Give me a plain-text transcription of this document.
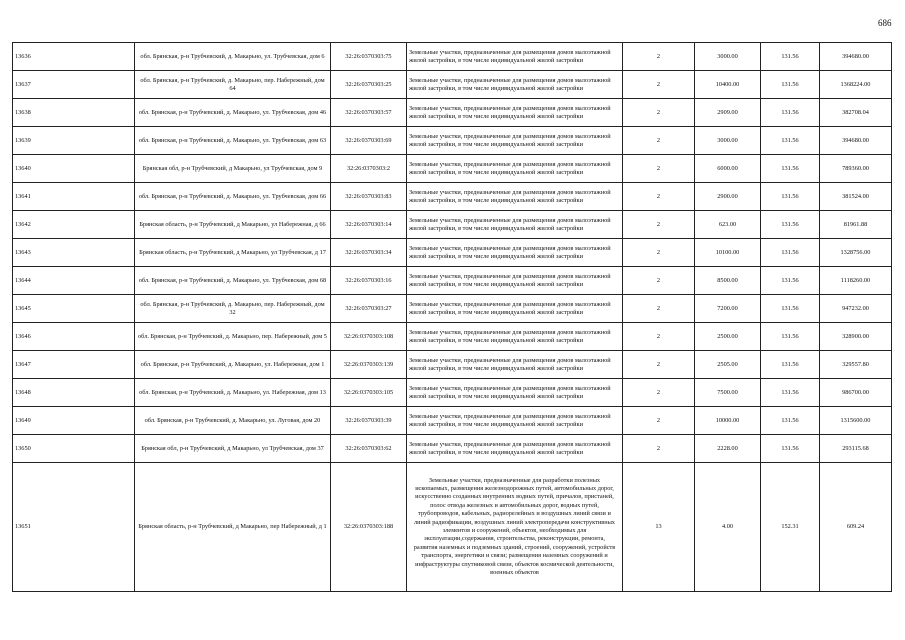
686
13636	обл. Брянская, р-н Трубчевский, д. Макарьно, ул. Трубчевская, дом 6	32:26:0370303:75	Земельные участки, предназначенные для размещения домов малоэтажной жилой застройки, в том числе индивидуальной жилой застройки	2	3000.00	131.56	394680.00
13637	обл. Брянская, р-н Трубчевский, д. Макарьно, пер. Набережный, дом 64	32:26:0370303:25	Земельные участки, предназначенные для размещения домов малоэтажной жилой застройки, в том числе индивидуальной жилой застройки	2	10400.00	131.56	1368224.00
13638	обл. Брянская, р-н Трубчевский, д. Макарьно, ул. Трубчевская, дом 46	32:26:0370303:57	Земельные участки, предназначенные для размещения домов малоэтажной жилой застройки, в том числе индивидуальной жилой застройки	2	2909.00	131.56	382708.04
13639	обл. Брянская, р-н Трубчевский, д. Макарьно, ул. Трубчевская, дом 63	32:26:0370303:69	Земельные участки, предназначенные для размещения домов малоэтажной жилой застройки, в том числе индивидуальной жилой застройки	2	3000.00	131.56	394680.00
13640	Брянская обл, р-н Трубчевский, д Макарьно, ул Трубчевская, дом 9	32:26:0370303:2	Земельные участки, предназначенные для размещения домов малоэтажной жилой застройки, в том числе индивидуальной жилой застройки	2	6000.00	131.56	789360.00
13641	обл. Брянская, р-н Трубчевский, д. Макарьно, ул. Трубчевская, дом 66	32:26:0370303:83	Земельные участки, предназначенные для размещения домов малоэтажной жилой застройки, в том числе индивидуальной жилой застройки	2	2900.00	131.56	381524.00
13642	Брянская область, р-н Трубчевский, д Макарьно, ул Набережная, д 66	32:26:0370303:14	Земельные участки, предназначенные для размещения домов малоэтажной жилой застройки, в том числе индивидуальной жилой застройки	2	623.00	131.56	81961.88
13643	Брянская область, р-н Трубчевский, д Макарьно, ул Трубчевская, д 17	32:26:0370303:34	Земельные участки, предназначенные для размещения домов малоэтажной жилой застройки, в том числе индивидуальной жилой застройки	2	10100.00	131.56	1328756.00
13644	обл. Брянская, р-н Трубчевский, д. Макарьно, ул. Трубчевская, дом 68	32:26:0370303:16	Земельные участки, предназначенные для размещения домов малоэтажной жилой застройки, в том числе индивидуальной жилой застройки	2	8500.00	131.56	1118260.00
13645	обл. Брянская, р-н Трубчевский, д. Макарьно, пер. Набережный, дом 32	32:26:0370303:27	Земельные участки, предназначенные для размещения домов малоэтажной жилой застройки, в том числе индивидуальной жилой застройки	2	7200.00	131.56	947232.00
13646	обл. Брянская, р-н Трубчевский, д. Макарьно, пер. Набережный, дом 5	32:26:0370303:108	Земельные участки, предназначенные для размещения домов малоэтажной жилой застройки, в том числе индивидуальной жилой застройки	2	2500.00	131.56	328900.00
13647	обл. Брянская, р-н Трубчевский, д. Макарьно, ул. Набережная, дом 1	32:26:0370303:139	Земельные участки, предназначенные для размещения домов малоэтажной жилой застройки, в том числе индивидуальной жилой застройки	2	2505.00	131.56	329557.80
13648	обл. Брянская, р-н Трубчевский, д. Макарьно, ул. Набережная, дом 13	32:26:0370303:105	Земельные участки, предназначенные для размещения домов малоэтажной жилой застройки, в том числе индивидуальной жилой застройки	2	7500.00	131.56	986700.00
13649	обл. Брянская, р-н Трубчевский, д. Макарьно, ул. Луговая, дом 20	32:26:0370303:39	Земельные участки, предназначенные для размещения домов малоэтажной жилой застройки, в том числе индивидуальной жилой застройки	2	10000.00	131.56	1315600.00
13650	Брянская обл, р-н Трубчевский, д Макарьно, ул Трубчевская, дом 37	32:26:0370303:62	Земельные участки, предназначенные для размещения домов малоэтажной жилой застройки, в том числе индивидуальной жилой застройки	2	2228.00	131.56	293115.68
13651	Брянская область, р-н Трубчевский, д Макарьно, пер Набережный, д 1	32:26:0370303:188	Земельные участки, предназначенные для разработки полезных ископаемых, размещения железнодорожных путей, автомобильных дорог, искусственно созданных внутренних водных путей, причалов, пристаней, полос отвода железных и автомобильных дорог, водных путей, трубопроводов, кабельных, радиорелейных и воздушных линий связи и линий радиофикации, воздушных линий электропередачи конструктивных элементов и сооружений, объектов, необходимых для эксплуатации,содержания, строительства, реконструкции, ремонта, развития наземных и подземных зданий, строений, сооружений, устройств транспорта, энергетики и связи; размещения наземных сооружений и инфраструктуры спутниковой связи, объектов космической деятельности, военных объектов	13	4.00	152.31	609.24
